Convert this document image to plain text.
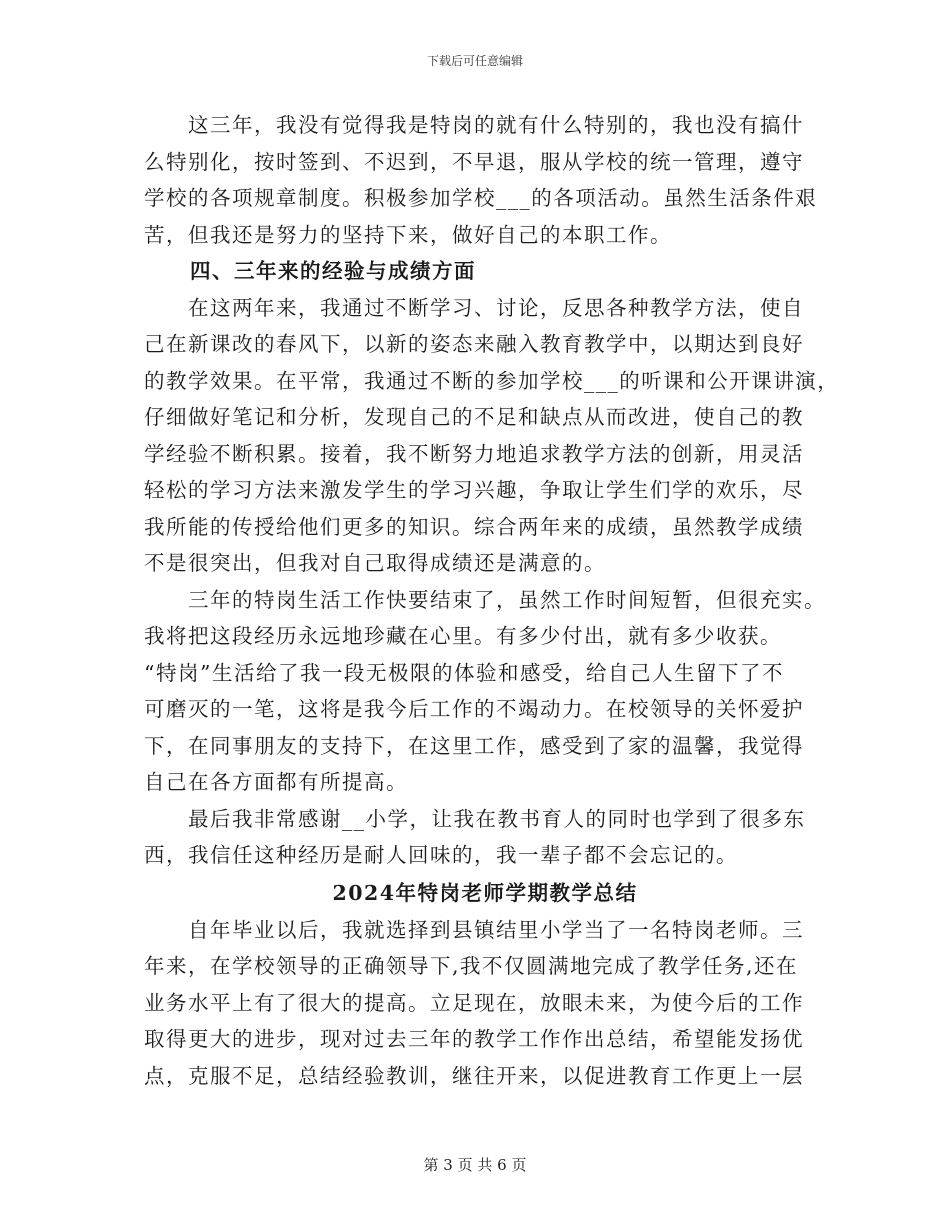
下载后可任意编辑
　　这三年，我没有觉得我是特岗的就有什么特别的，我也没有搞什
么特别化，按时签到、不迟到，不早退，服从学校的统一管理，遵守
学校的各项规章制度。积极参加学校___的各项活动。虽然生活条件艰
苦，但我还是努力的坚持下来，做好自己的本职工作。
四、三年来的经验与成绩方面
　　在这两年来，我通过不断学习、讨论，反思各种教学方法，使自
己在新课改的春风下，以新的姿态来融入教育教学中，以期达到良好
的教学效果。在平常，我通过不断的参加学校___的听课和公开课讲演，
仔细做好笔记和分析，发现自己的不足和缺点从而改进，使自己的教
学经验不断积累。接着，我不断努力地追求教学方法的创新，用灵活
轻松的学习方法来激发学生的学习兴趣，争取让学生们学的欢乐，尽
我所能的传授给他们更多的知识。综合两年来的成绩，虽然教学成绩
不是很突出，但我对自己取得成绩还是满意的。
　　三年的特岗生活工作快要结束了，虽然工作时间短暂，但很充实。
我将把这段经历永远地珍藏在心里。有多少付出，就有多少收获。
“特岗”生活给了我一段无极限的体验和感受，给自己人生留下了不
可磨灭的一笔，这将是我今后工作的不竭动力。在校领导的关怀爱护
下，在同事朋友的支持下，在这里工作，感受到了家的温馨，我觉得
自己在各方面都有所提高。
　　最后我非常感谢__小学，让我在教书育人的同时也学到了很多东
西，我信任这种经历是耐人回味的，我一辈子都不会忘记的。
2024年特岗老师学期教学总结
　　自年毕业以后，我就选择到县镇结里小学当了一名特岗老师。三
年来，在学校领导的正确领导下,我不仅圆满地完成了教学任务,还在
业务水平上有了很大的提高。立足现在，放眼未来，为使今后的工作
取得更大的进步，现对过去三年的教学工作作出总结，希望能发扬优
点，克服不足，总结经验教训，继往开来，以促进教育工作更上一层
第 3 页 共 6 页
